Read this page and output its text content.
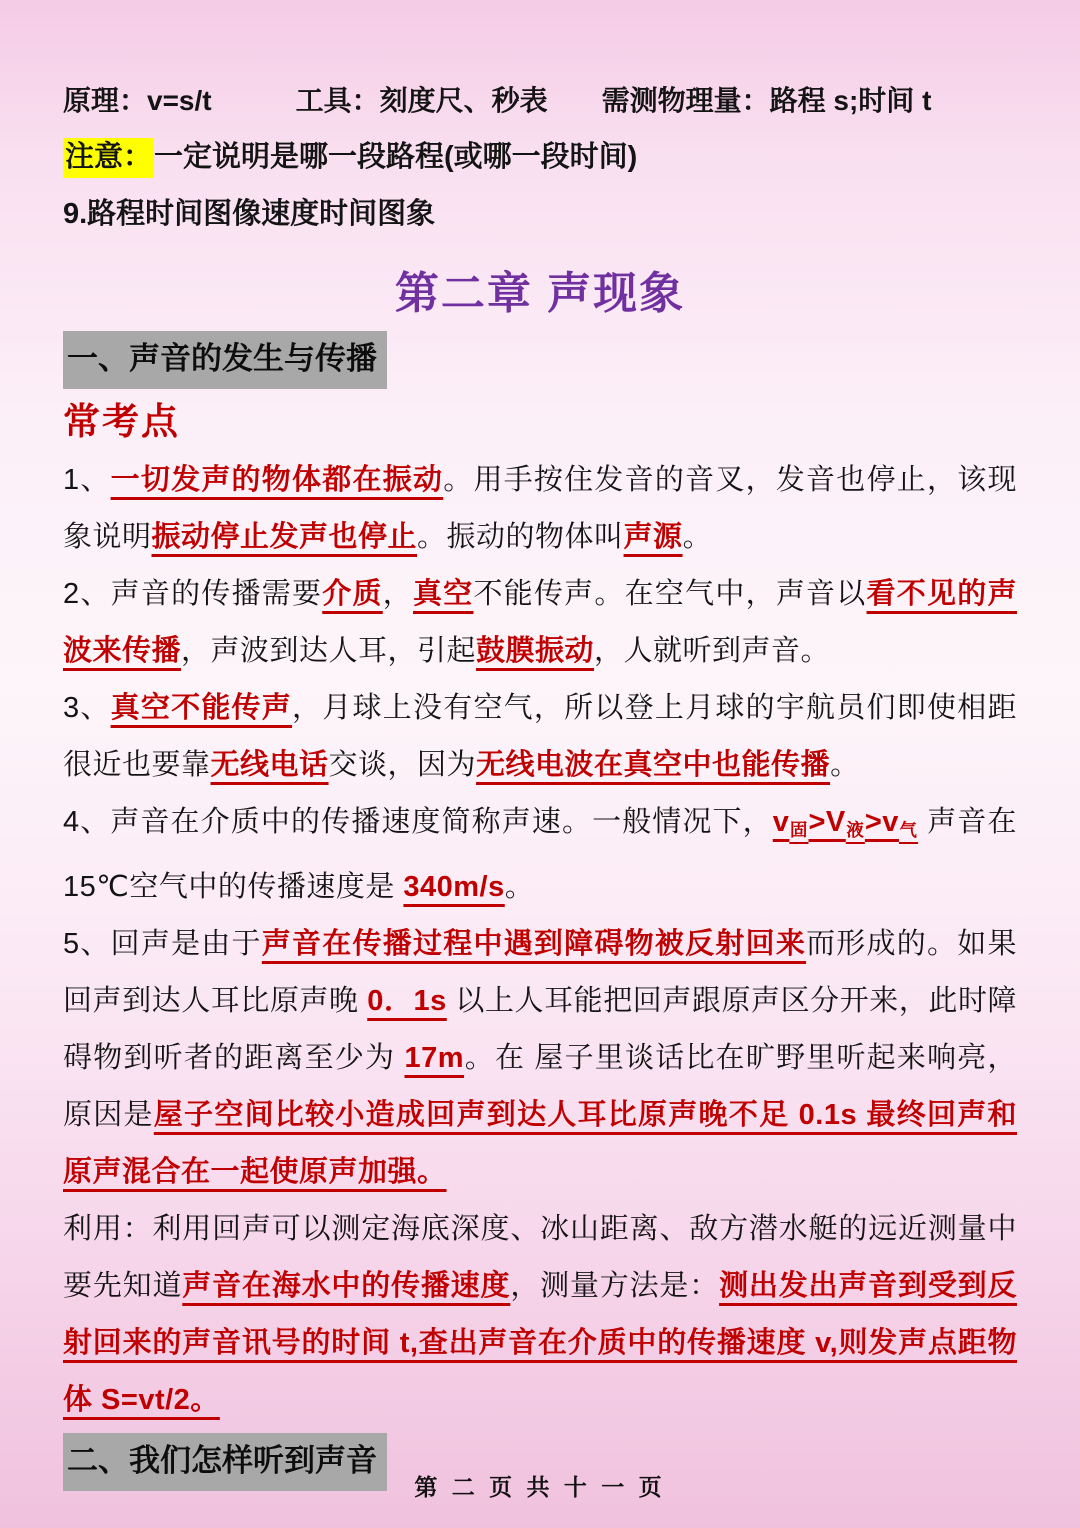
原理：v=s/t	工具：刻度尺、秒表 需测物理量：路程 s;时间 t
注意：一定说明是哪一段路程(或哪一段时间)
9.路程时间图像速度时间图象
第二章 声现象
一、声音的发生与传播
常考点

1、一切发声的物体都在振动。用手按住发音的音叉，发音也停止，该现象说明振动停止发声也停止。振动的物体叫声源。

2、声音的传播需要介质，真空不能传声。在空气中，声音以看不见的声波来传播，声波到达人耳，引起鼓膜振动，人就听到声音。

3、真空不能传声，月球上没有空气，所以登上月球的宇航员们即使相距很近也要靠无线电话交谈，因为无线电波在真空中也能传播。

4、声音在介质中的传播速度简称声速。一般情况下，v固>V液>v气 声音在15℃空气中的传播速度是 340m/s。

5、回声是由于声音在传播过程中遇到障碍物被反射回来而形成的。如果回声到达人耳比原声晚 0．1s 以上人耳能把回声跟原声区分开来，此时障碍物到听者的距离至少为 17m。在 屋子里谈话比在旷野里听起来响亮，原因是屋子空间比较小造成回声到达人耳比原声晚不足 0.1s 最终回声和原声混合在一起使原声加强。

利用：利用回声可以测定海底深度、冰山距离、敌方潜水艇的远近测量中要先知道声音在海水中的传播速度，测量方法是：测出发出声音到受到反射回来的声音讯号的时间 t,查出声音在介质中的传播速度 v,则发声点距物体 S=vt/2。

二、我们怎样听到声音
第 二 页 共 十 一 页
